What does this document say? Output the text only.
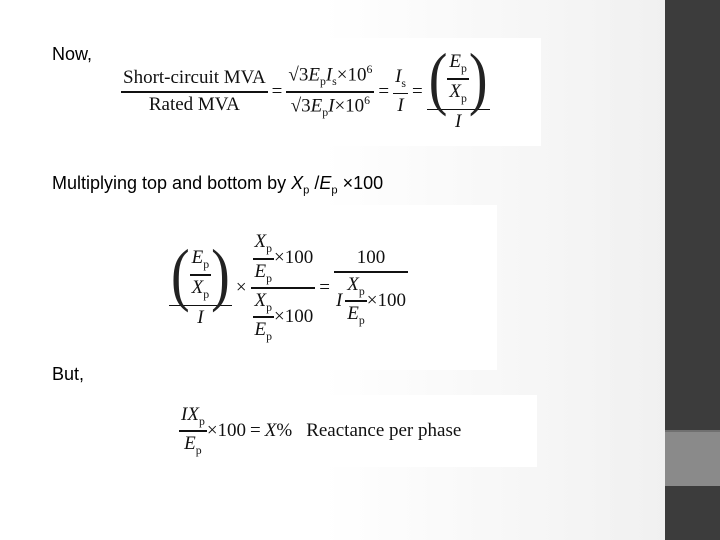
Now,
$\frac{\text{Short-circuit MVA}}{\text{Rated MVA}} = \frac{√3E_pI_s\times 10^6}{√3E_pI\times 10^6} = \frac{I_s}{I}$ = ( $\frac{E_p}{X_p}$ )
I
Multiplying top and bottom by $X_p$ $/E_p \times 100$
( $\frac{E_p}{X_p}$ )
I
× $\frac{\frac{X_p}{E_p} \times 100}{\frac{X_p}{E_p} \times 100}$ =
100
I $\frac{X_p}{E_p} \times 100$
But,
$\frac{IX_p}{E_p} \times 100 = X\%$ Reactance per phase
